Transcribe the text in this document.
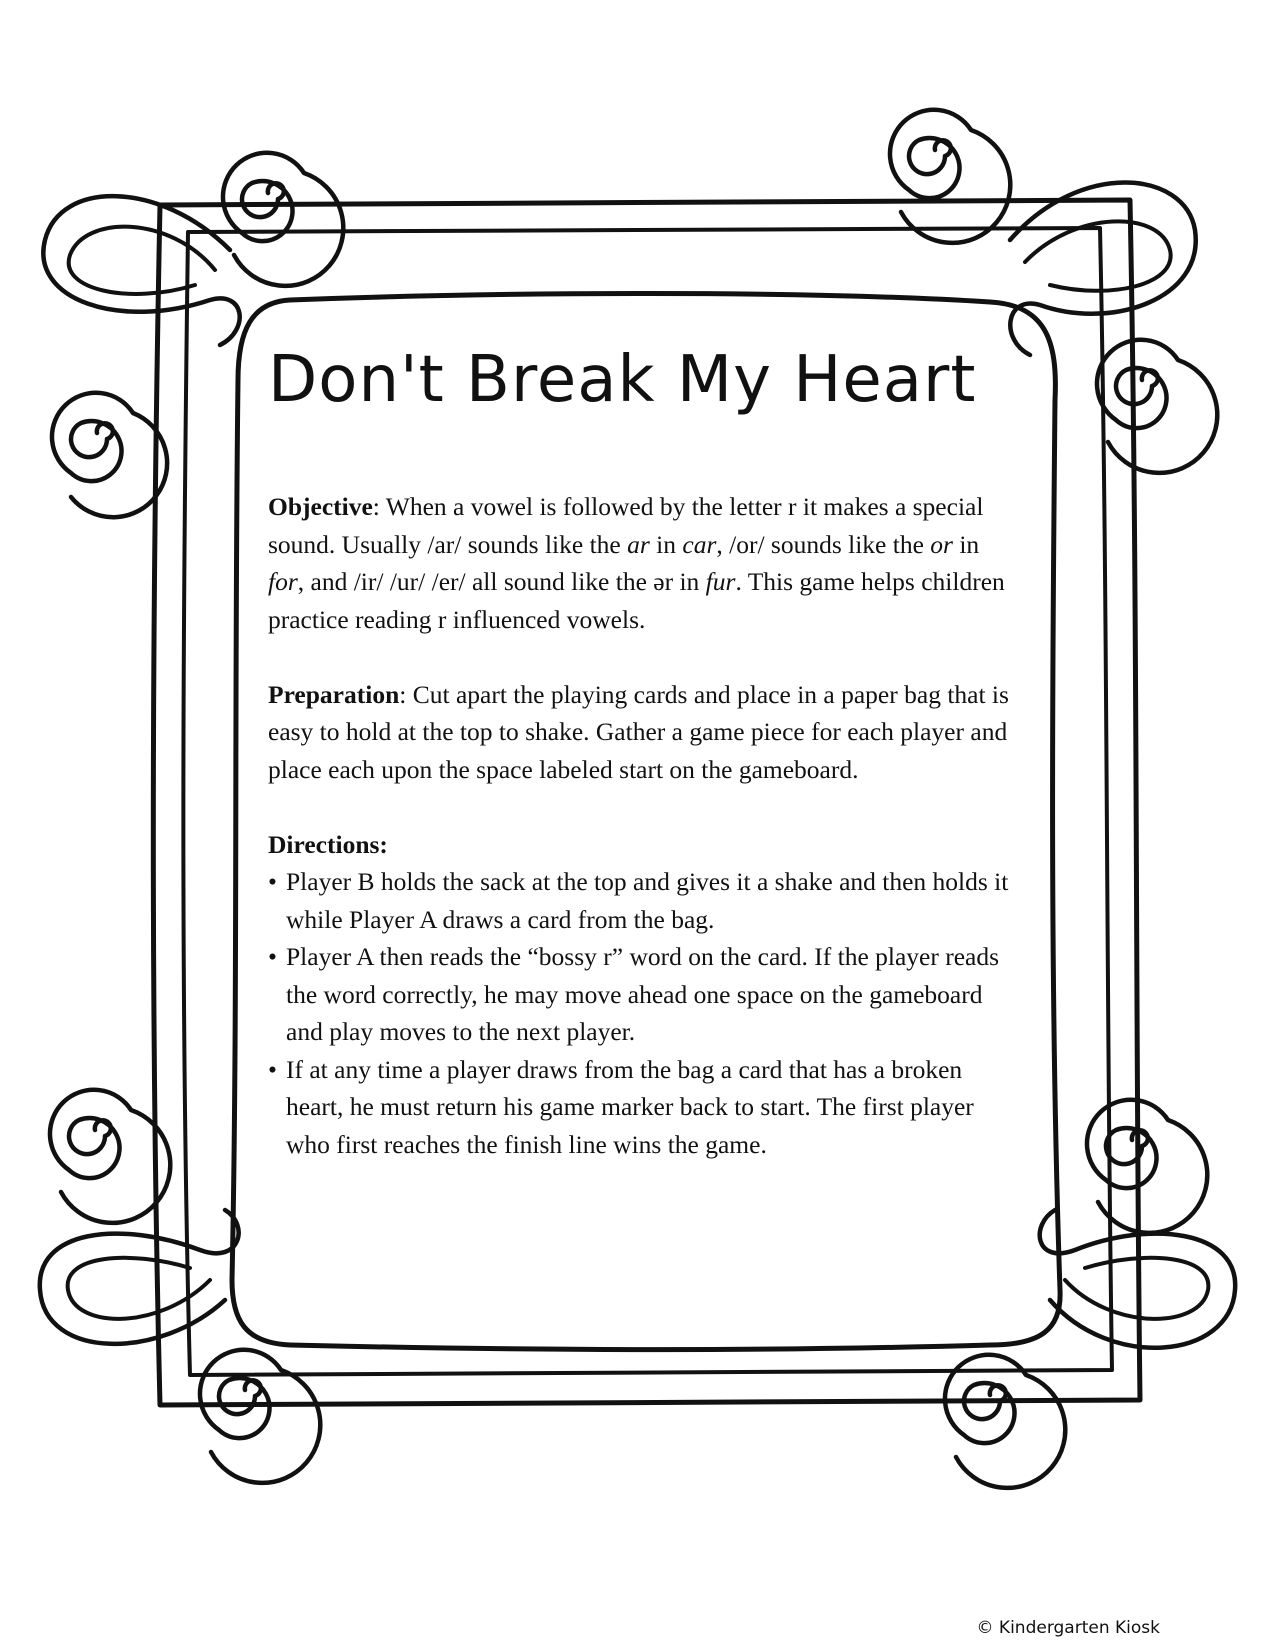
Don't Break My Heart

Objective: When a vowel is followed by the letter r it makes a special sound. Usually /ar/ sounds like the ar in car, /or/ sounds like the or in for, and /ir/ /ur/ /er/ all sound like the ər in fur. This game helps children practice reading r influenced vowels.

Preparation: Cut apart the playing cards and place in a paper bag that is easy to hold at the top to shake. Gather a game piece for each player and place each upon the space labeled start on the gameboard.

Directions:

• Player B holds the sack at the top and gives it a shake and then holds it while Player A draws a card from the bag.
• Player A then reads the “bossy r” word on the card. If the player reads the word correctly, he may move ahead one space on the gameboard and play moves to the next player.
• If at any time a player draws from the bag a card that has a broken heart, he must return his game marker back to start. The first player who first reaches the finish line wins the game.
© Kindergarten Kiosk
